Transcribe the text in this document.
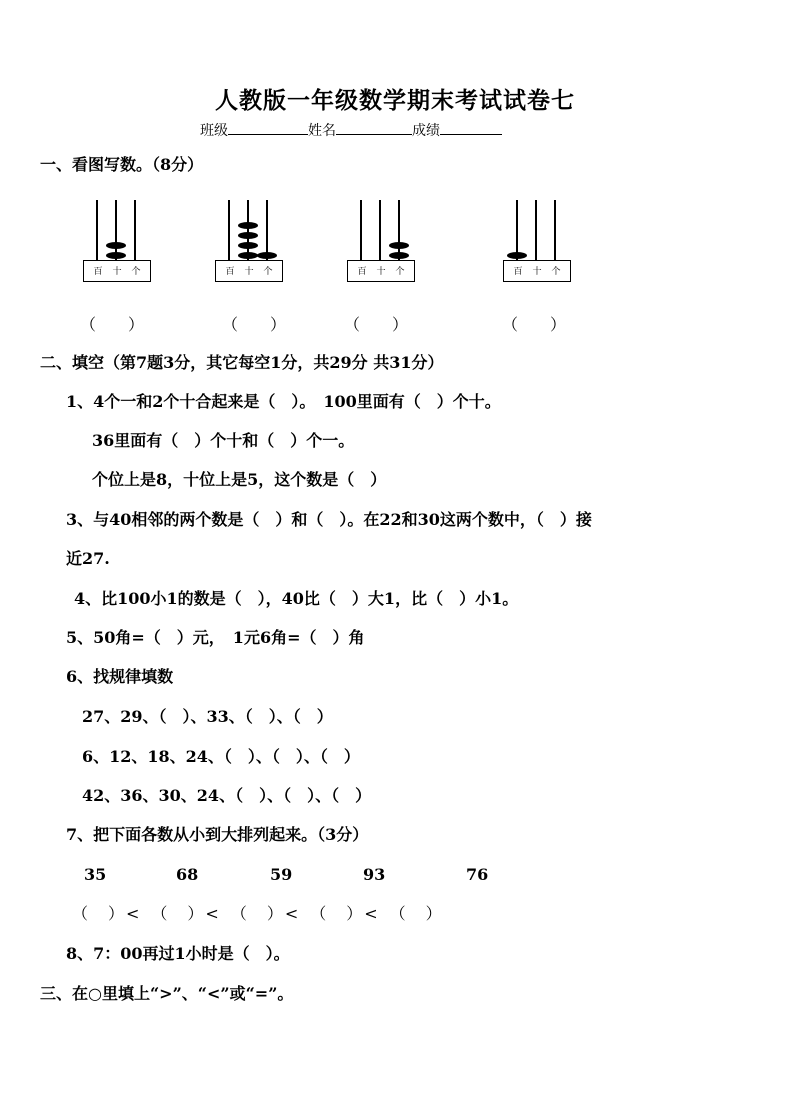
人教版一年级数学期末考试试卷七
班级	姓名	成绩
一、看图写数。（8分）
百 十 个	百 十 个	百 十 个	百 十 个
（　　）	（　　）	（　　）	（　　）
二、填空（第7题3分，其它每空1分，共29分 共31分）
1、4个一和2个十合起来是（　）。　100里面有（　）个十。
36里面有（　）个十和（　）个一。
个位上是8，十位上是5，这个数是（　）
3、与40相邻的两个数是（　）和（　）。在22和30这两个数中，（　）接
近27.
4、比100小1的数是（　），40比（　）大1，比（　）小1。
5、50角=（　）元，　1元6角=（　）角
6、找规律填数
27、29、（　）、33、（　）、（　）
6、12、18、24、（　）、（　）、（　）
42、36、30、24、（　）、（　）、（　）
7、把下面各数从小到大排列起来。（3分）
35	68	59	93	76
（　）<　（　）<　（　）<　（　）<　（　）
8、7：00再过1小时是（　）。
三、在○里填上“>”、“<”或“=”。
